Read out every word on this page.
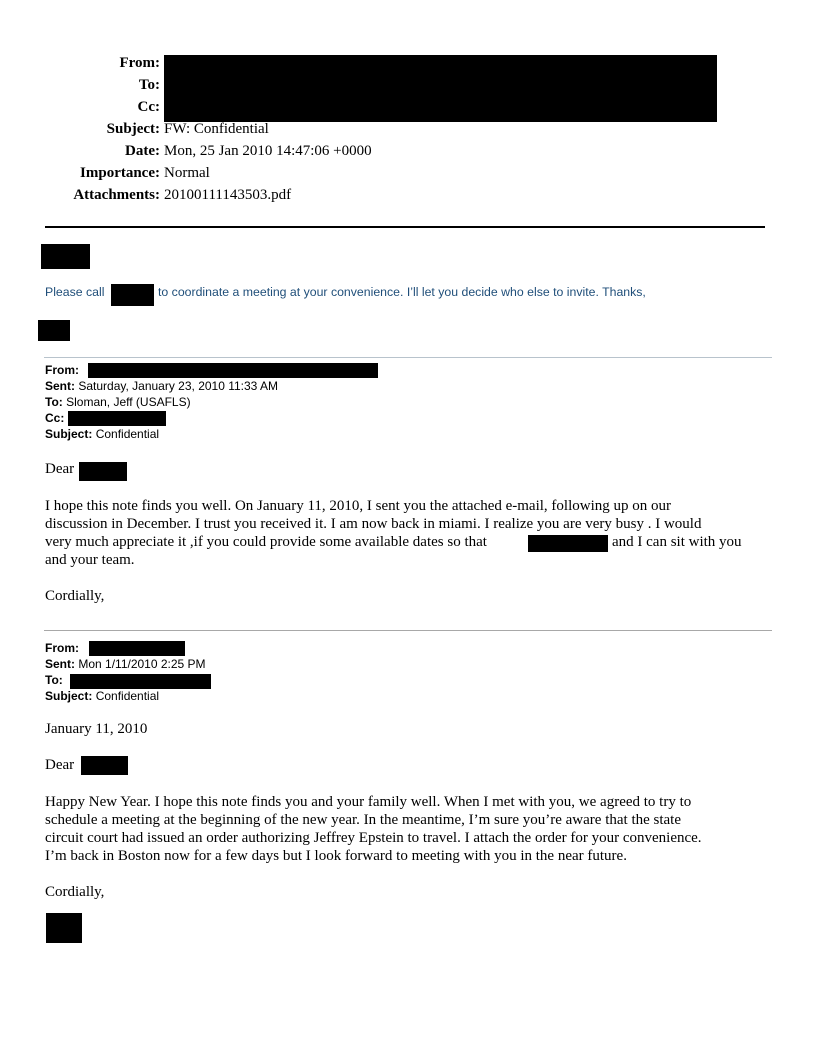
From:
To:
Cc:
Subject: FW: Confidential
Date: Mon, 25 Jan 2010 14:47:06 +0000
Importance: Normal
Attachments: 20100111143503.pdf
Please call	to coordinate a meeting at your convenience. I’ll let you decide who else to invite. Thanks,
From:
Sent: Saturday, January 23, 2010 11:33 AM
To: Sloman, Jeff (USAFLS)
Cc:
Subject: Confidential
Dear
I hope this note finds you well. On January 11, 2010, I sent you the attached e-mail, following up on our
discussion in December. I trust you received it. I am now back in miami. I realize you are very busy . I would
very much appreciate it ,if you could provide some available dates so that	and I can sit with you
and your team.
Cordially,
From:
Sent: Mon 1/11/2010 2:25 PM
To:
Subject: Confidential
January 11, 2010
Dear
Happy New Year. I hope this note finds you and your family well. When I met with you, we agreed to try to
schedule a meeting at the beginning of the new year. In the meantime, I’m sure you’re aware that the state
circuit court had issued an order authorizing Jeffrey Epstein to travel. I attach the order for your convenience.
I’m back in Boston now for a few days but I look forward to meeting with you in the near future.
Cordially,
